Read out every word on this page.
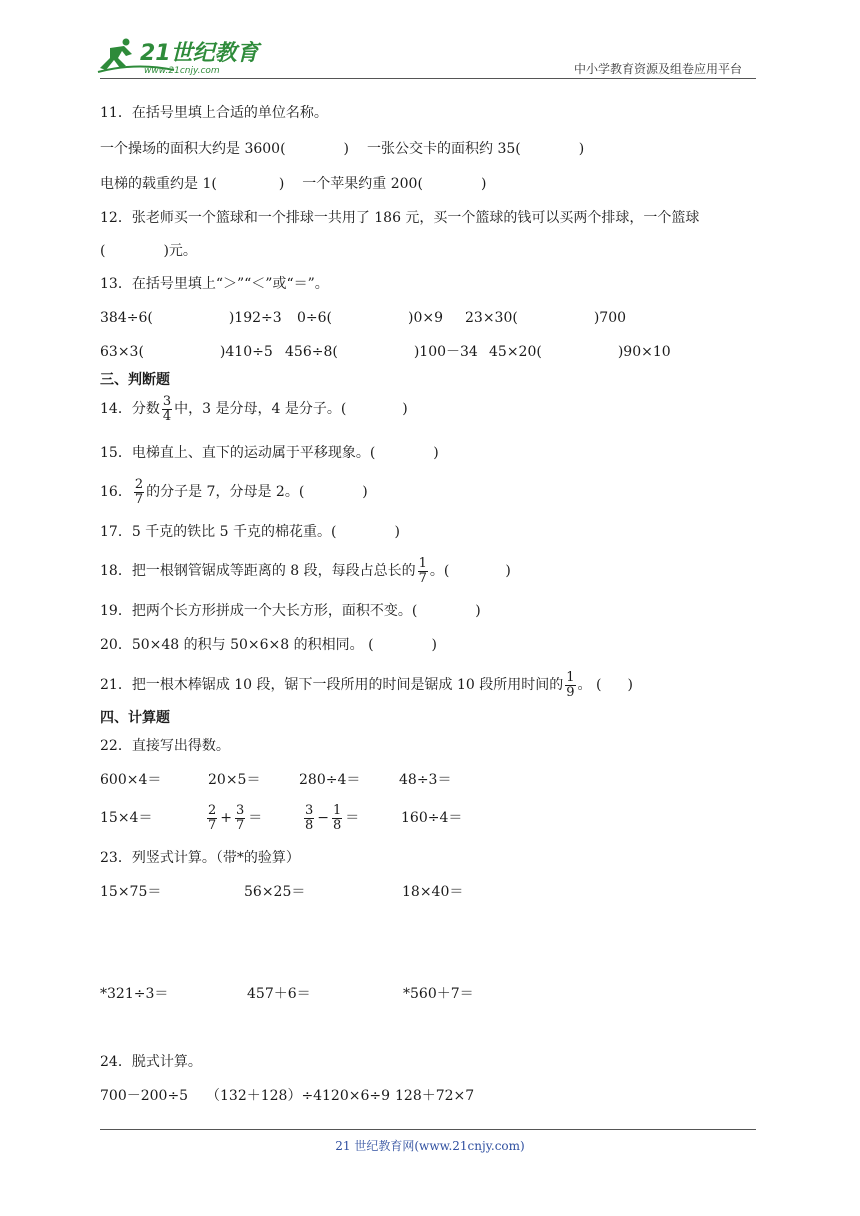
21世纪教育
www.21cnjy.com	中小学教育资源及组卷应用平台
11．在括号里填上合适的单位名称。
一个操场的面积大约是 3600(	) 一张公交卡的面积约 35(	)
电梯的载重约是 1(	) 一个苹果约重 200(	)
12．张老师买一个篮球和一个排球一共用了 186 元，买一个篮球的钱可以买两个排球，一个篮球
(	)元。
13．在括号里填上“＞”“＜”或“＝”。
384÷6(	)192÷3 0÷6(	)0×9 23×30(	)700
63×3(	)410÷5 456÷8(	)100－34 45×20(	)90×10
三、判断题
14．分数 $\frac{3}{4}$ 中，3 是分母，4 是分子。(	)
15．电梯直上、直下的运动属于平移现象。(	)
16． $\frac{2}{7}$ 的分子是 7，分母是 2。(	)
17．5 千克的铁比 5 千克的棉花重。(	)
18．把一根钢管锯成等距离的 8 段，每段占总长的 $\frac{1}{7}$ 。(	)
19．把两个长方形拼成一个大长方形，面积不变。(	)
20．50×48 的积与 50×6×8 的积相同。 (	)
21．把一根木棒锯成 10 段，锯下一段所用的时间是锯成 10 段所用时间的 $\frac{1}{9}$ 。 ( )
四、计算题
22．直接写出得数。
600×4＝	20×5＝	280÷4＝	48÷3＝
15×4＝	$\frac{2}{7} + \frac{3}{7}$ ＝	$\frac{3}{8} - \frac{1}{8}$ ＝	160÷4＝
23．列竖式计算。（带*的验算）
15×75＝	56×25＝	18×40＝
*321÷3＝	457＋6＝	*560＋7＝
24．脱式计算。
700－200÷5 （132＋128）÷4 120×6÷9 128＋72×7
21 世纪教育网(www.21cnjy.com)
